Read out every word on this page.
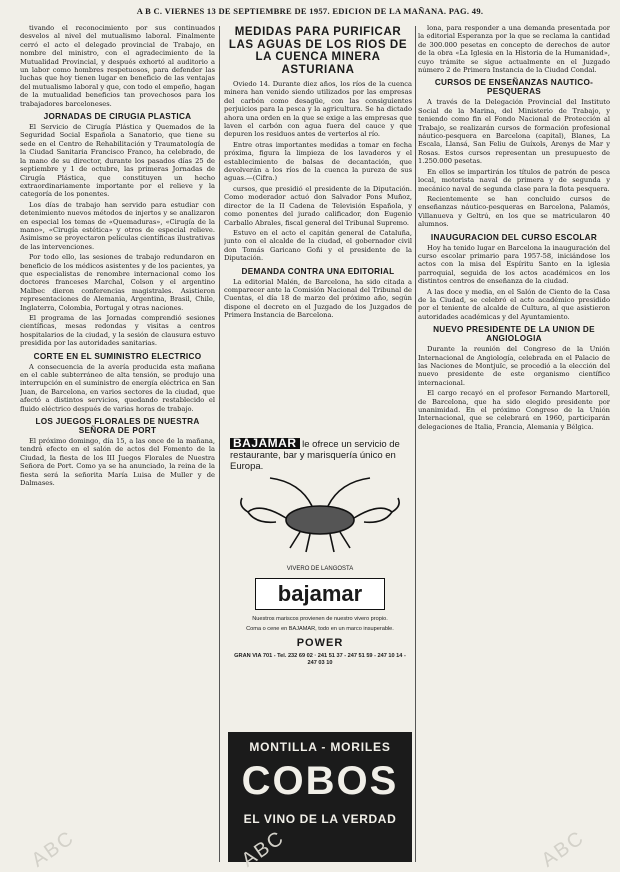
A B C. VIERNES 13 DE SEPTIEMBRE DE 1957. EDICION DE LA MAÑANA. PAG. 49.

tivando el reconocimiento por sus continuados desvelos al nivel del mutualismo laboral. Finalmente cerró el acto el delegado provincial de Trabajo, en nombre del ministro, con el agradecimiento de la Mutualidad Provincial, y después exhortó al auditorio a un labor como hombres respetuosos, para defender las luchas que hoy tienen lugar en beneficio de las ventajas del mutualismo laboral y que, con todo el empeño, hagan de la mutualidad beneficios tan provechosos para los trabajadores barceloneses.

JORNADAS DE CIRUGIA PLASTICA

El Servicio de Cirugía Plástica y Quemados de la Seguridad Social Española a Sanatorio, que tiene su sede en el Centro de Rehabilitación y Traumatología de la Ciudad Sanitaria Francisco Franco, ha celebrado, de la mano de su director, durante los pasados días 25 de septiembre y 1 de octubre, las primeras Jornadas de Cirugía Plástica, que constituyen un hecho extraordinariamente importante por el relieve y la categoría de los ponentes.

Los días de trabajo han servido para estudiar con detenimiento nuevos métodos de injertos y se analizaron en especial los temas de «Quemaduras», «Cirugía de la mano», «Cirugía estética» y otros de especial relieve. Asimismo se proyectaron películas científicas ilustrativas de las intervenciones.

Por todo ello, las sesiones de trabajo redundaron en beneficio de los médicos asistentes y de los pacientes, ya que especialistas de renombre internacional como los doctores franceses Marchal, Colson y el argentino Malbec dieron conferencias magistrales. Asistieron representaciones de Alemania, Argentina, Brasil, Chile, Inglaterra, Colombia, Portugal y otras naciones.

El programa de las Jornadas comprendió sesiones científicas, mesas redondas y visitas a centros hospitalarios de la ciudad, y la sesión de clausura estuvo presidida por las autoridades sanitarias.

CORTE EN EL SUMINISTRO ELECTRICO

A consecuencia de la avería producida esta mañana en el cable subterráneo de alta tensión, se produjo una interrupción en el suministro de energía eléctrica en San Juan, de Barcelona, en varios sectores de la ciudad, que afectó a distintos servicios, quedando restablecido el fluido eléctrico después de varias horas de trabajo.

LOS JUEGOS FLORALES DE NUESTRA SEÑORA DE PORT

El próximo domingo, día 15, a las once de la mañana, tendrá efecto en el salón de actos del Fomento de la Ciudad, la fiesta de los III Juegos Florales de Nuestra Señora de Port. Como ya se ha anunciado, la reina de la fiesta será la señorita María Luisa de Muller y de Dalmases.

MEDIDAS PARA PURIFICAR LAS AGUAS DE LOS RIOS DE LA CUENCA MINERA ASTURIANA

Oviedo 14. Durante diez años, los ríos de la cuenca minera han venido siendo utilizados por las empresas del carbón como desagüe, con las consiguientes perjuicios para la pesca y la agricultura. Se ha dictado ahora una orden en la que se exige a las empresas que laven el carbón con agua fuera del cauce y que depuren los residuos antes de verterlos al río.

Entre otras importantes medidas a tomar en fecha próxima, figura la limpieza de los lavaderos y el establecimiento de balsas de decantación, que devolverán a los ríos de la cuenca la pureza de sus aguas.—(Cifra.)

cursos, que presidió el presidente de la Diputación. Como moderador actuó don Salvador Pons Muñoz, director de la II Cadena de Televisión Española, y como ponentes del jurado calificador, don Eugenio Carballo Abrales, fiscal general del Tribunal Supremo.

Estuvo en el acto el capitán general de Cataluña, junto con el alcalde de la ciudad, el gobernador civil don Tomás Garicano Goñi y el presidente de la Diputación.

DEMANDA CONTRA UNA EDITORIAL

La editorial Malén, de Barcelona, ha sido citada a comparecer ante la Comisión Nacional del Tribunal de Cuentas, el día 18 de marzo del próximo año, según dispone el decreto en el Juzgado de los Juzgados de Primera Instancia de Barcelona.

BAJAMAR le ofrece un servicio de restaurante, bar y marisquería único en Europa.
VIVERO DE LANGOSTA
bajamar
Nuestros mariscos provienen de nuestro vivero propio.
Coma o cene en BAJAMAR, todo en un marco insuperable.
POWER
GRAN VIA 701 - Tel. 232 69 02 · 241 51 37 - 247 51 59 - 247 10 14 - 247 03 10
MONTILLA - MORILES
COBOS
EL VINO DE LA VERDAD

lona, para responder a una demanda presentada por la editorial Esperanza por la que se reclama la cantidad de 300.000 pesetas en concepto de derechos de autor de la obra «La Iglesia en la Historia de la Humanidad», cuyo trámite se sigue actualmente en el Juzgado número 2 de Primera Instancia de la Ciudad Condal.

CURSOS DE ENSEÑANZAS NAUTICO-PESQUERAS

A través de la Delegación Provincial del Instituto Social de la Marina, del Ministerio de Trabajo, y teniendo como fin el Fondo Nacional de Protección al Trabajo, se realizarán cursos de formación profesional náutico-pesquera en Barcelona (capital), Blanes, La Escala, Llansá, San Feliu de Guíxols, Arenys de Mar y Rosas. Estos cursos representan un presupuesto de 1.250.000 pesetas.

En ellos se impartirán los títulos de patrón de pesca local, motorista naval de primera y de segunda y mecánico naval de segunda clase para la flota pesquera.

Recientemente se han concluido cursos de enseñanzas náutico-pesqueras en Barcelona, Palamós, Villanueva y Geltrú, en los que se matricularon 40 alumnos.

INAUGURACION DEL CURSO ESCOLAR

Hoy ha tenido lugar en Barcelona la inauguración del curso escolar primario para 1957-58, iniciándose los actos con la misa del Espíritu Santo en la iglesia parroquial, seguida de los actos académicos en los distintos centros de enseñanza de la ciudad.

A las doce y media, en el Salón de Ciento de la Casa de la Ciudad, se celebró el acto académico presidido por el teniente de alcalde de Cultura, al que asistieron autoridades académicas y del Ayuntamiento.

NUEVO PRESIDENTE DE LA UNION DE ANGIOLOGIA

Durante la reunión del Congreso de la Unión Internacional de Angiología, celebrada en el Palacio de las Naciones de Montjuïc, se procedió a la elección del nuevo presidente de este organismo científico internacional.

El cargo recayó en el profesor Fernando Martorell, de Barcelona, que ha sido elegido presidente por unanimidad. En el próximo Congreso de la Unión Internacional, que se celebrará en 1960, participarán delegaciones de Italia, Francia, Alemania y Bélgica.

ABC	ABC	ABC
